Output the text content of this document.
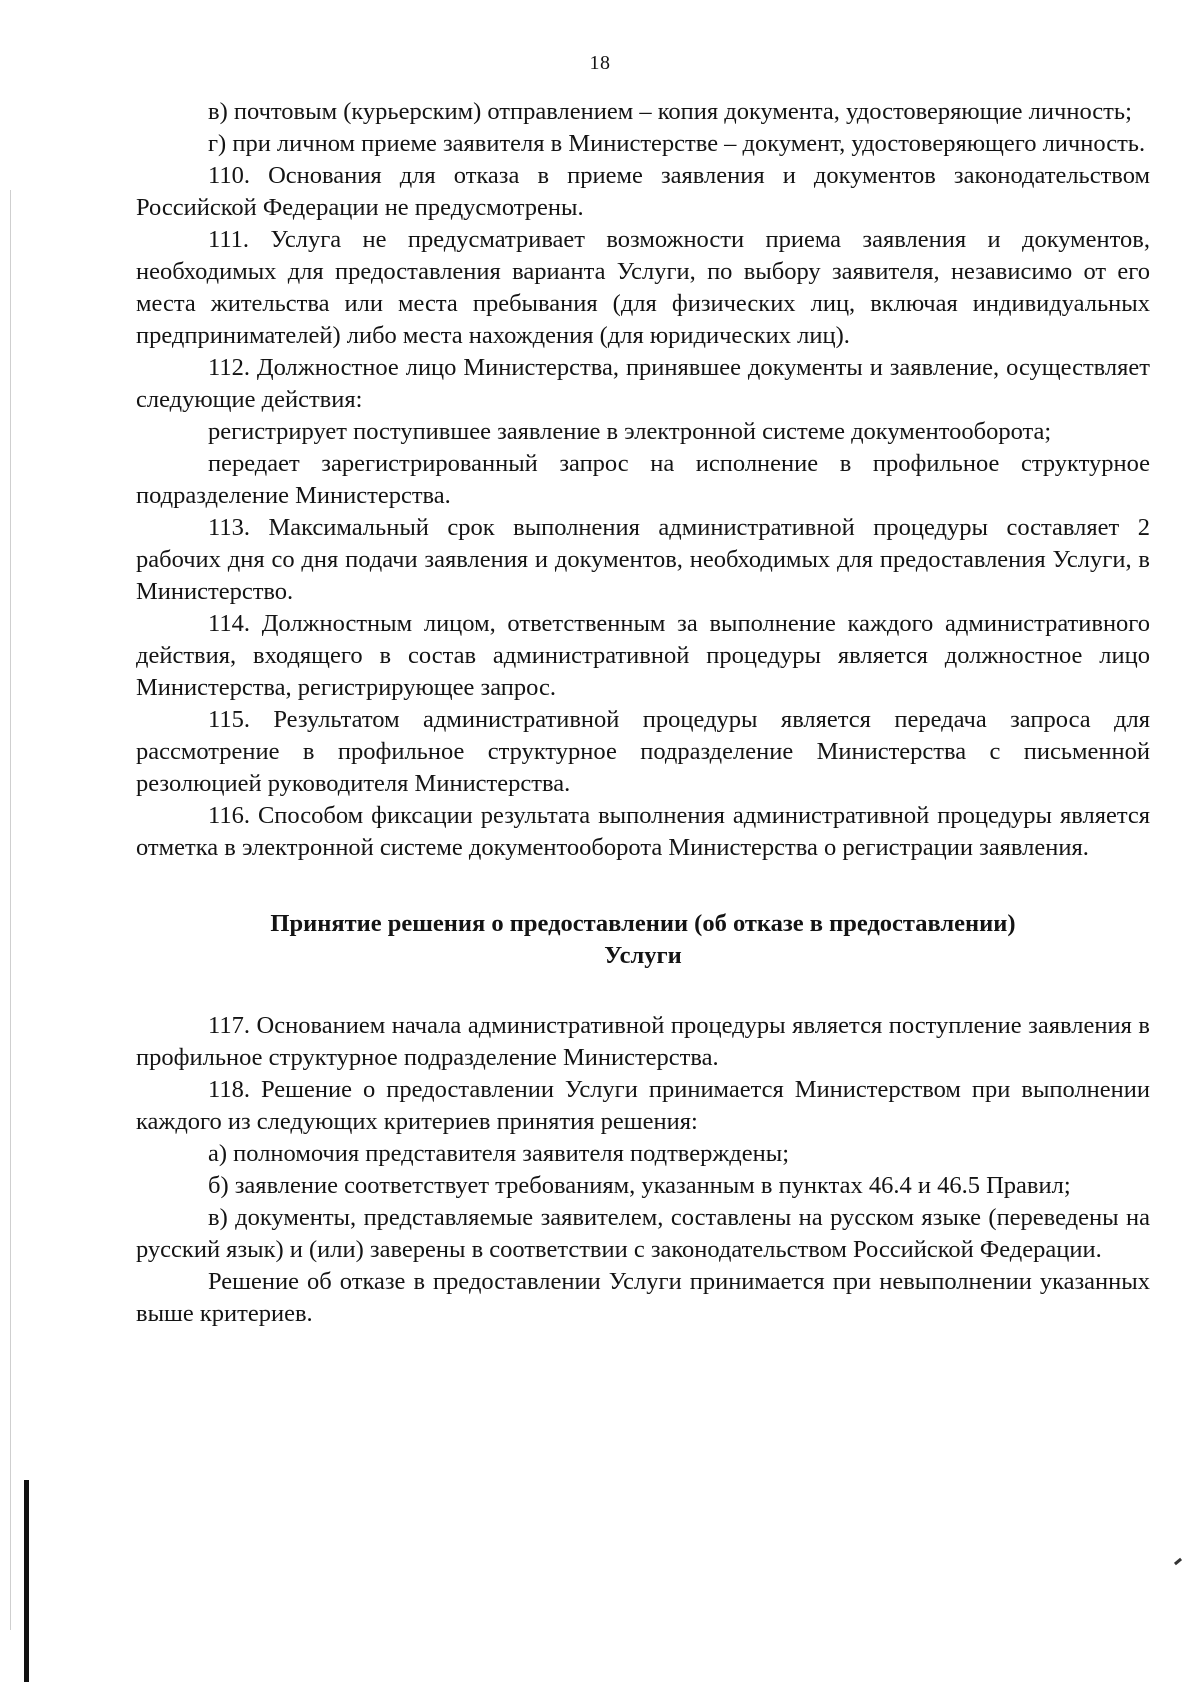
18

в) почтовым (курьерским) отправлением – копия документа, удостоверяющие личность;

г) при личном приеме заявителя в Министерстве – документ, удостоверяющего личность.

110. Основания для отказа в приеме заявления и документов законодательством Российской Федерации не предусмотрены.

111. Услуга не предусматривает возможности приема заявления и документов, необходимых для предоставления варианта Услуги, по выбору заявителя, независимо от его места жительства или места пребывания (для физических лиц, включая индивидуальных предпринимателей) либо места нахождения (для юридических лиц).

112. Должностное лицо Министерства, принявшее документы и заявление, осуществляет следующие действия:

регистрирует поступившее заявление в электронной системе документооборота;

передает зарегистрированный запрос на исполнение в профильное структурное подразделение Министерства.

113. Максимальный срок выполнения административной процедуры составляет 2 рабочих дня со дня подачи заявления и документов, необходимых для предоставления Услуги, в Министерство.

114. Должностным лицом, ответственным за выполнение каждого административного действия, входящего в состав административной процедуры является должностное лицо Министерства, регистрирующее запрос.

115. Результатом административной процедуры является передача запроса для рассмотрение в профильное структурное подразделение Министерства с письменной резолюцией руководителя Министерства.

116. Способом фиксации результата выполнения административной процедуры является отметка в электронной системе документооборота Министерства о регистрации заявления.

Принятие решения о предоставлении (об отказе в предоставлении)
Услуги

117. Основанием начала административной процедуры является поступление заявления в профильное структурное подразделение Министерства.

118. Решение о предоставлении Услуги принимается Министерством при выполнении каждого из следующих критериев принятия решения:

а) полномочия представителя заявителя подтверждены;

б) заявление соответствует требованиям, указанным в пунктах 46.4 и 46.5 Правил;

в) документы, представляемые заявителем, составлены на русском языке (переведены на русский язык) и (или) заверены в соответствии с законодательством Российской Федерации.

Решение об отказе в предоставлении Услуги принимается при невыполнении указанных выше критериев.
